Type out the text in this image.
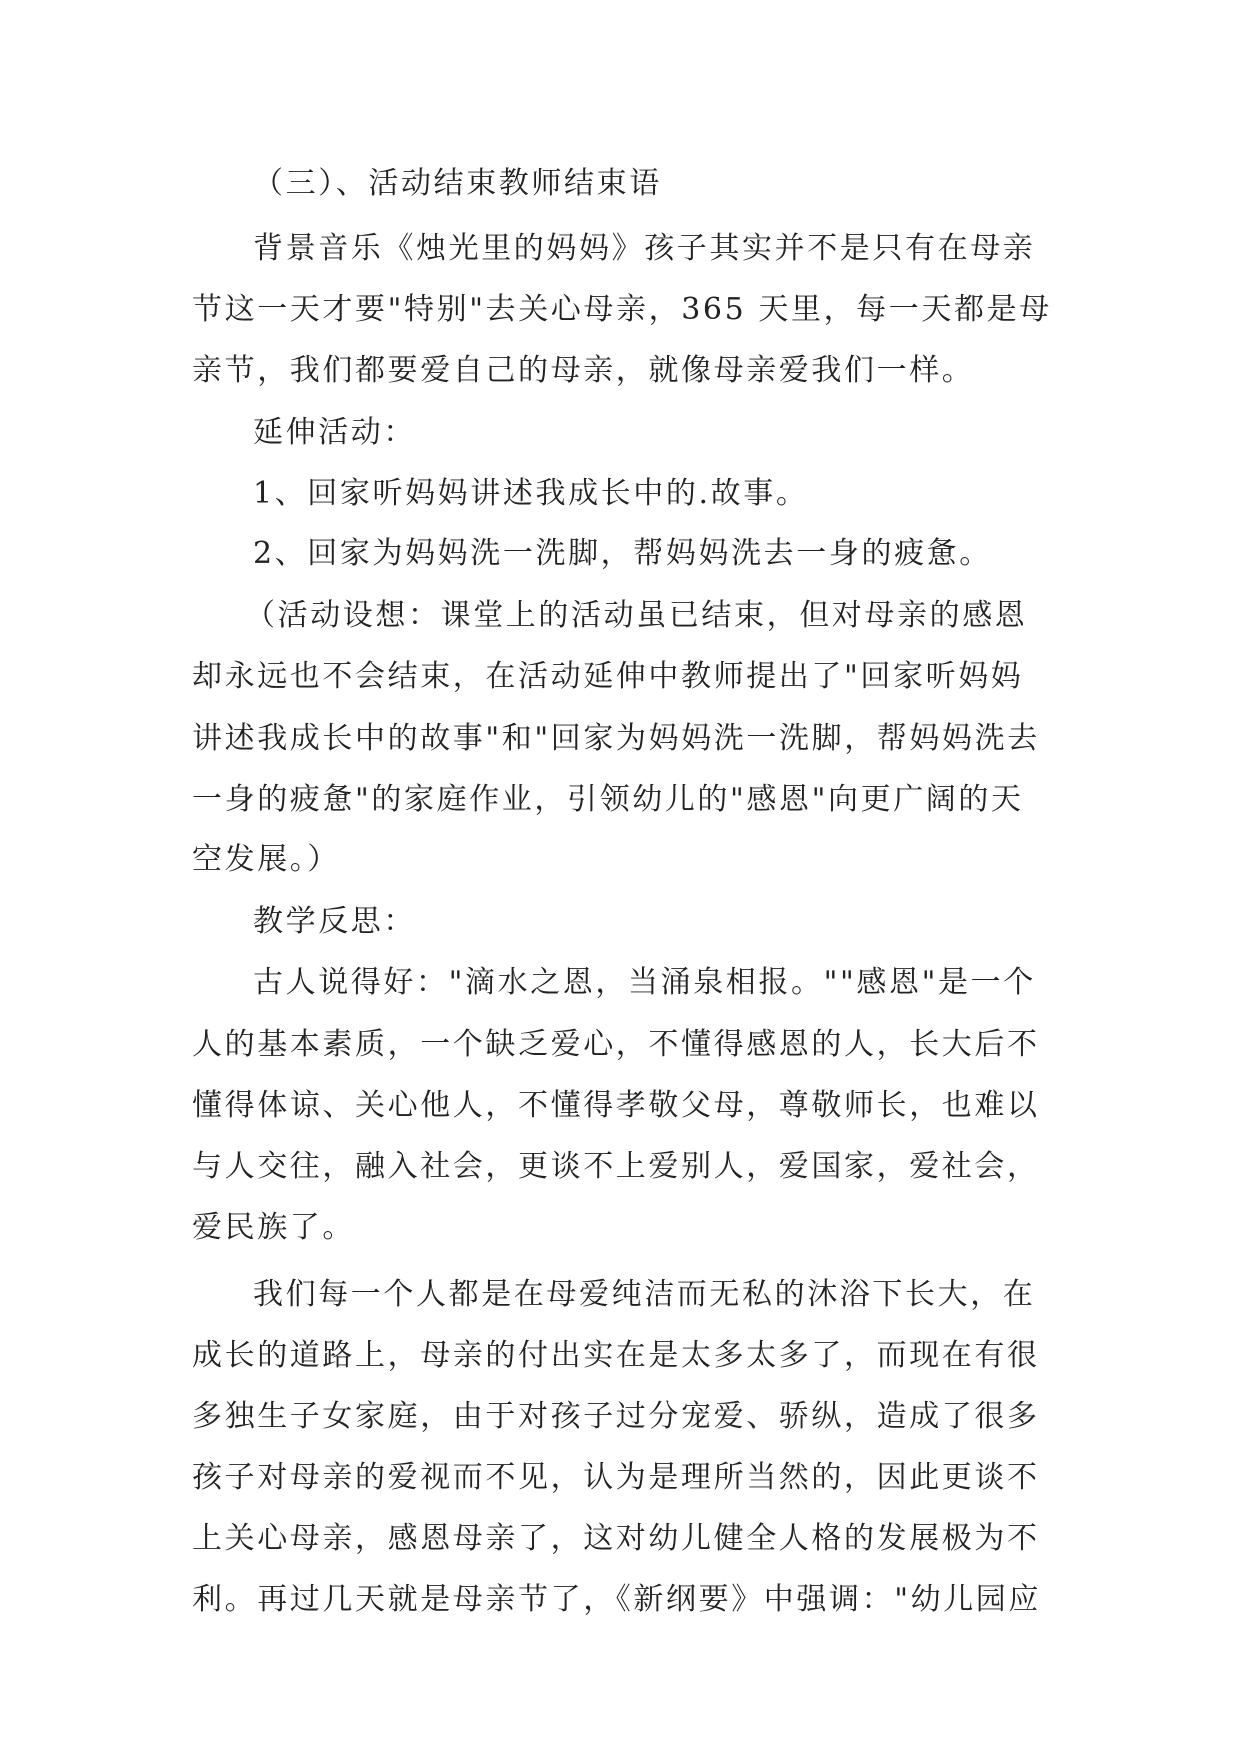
（三）、活动结束教师结束语
背景音乐《烛光里的妈妈》孩子其实并不是只有在母亲
节这一天才要"特别"去关心母亲，365 天里，每一天都是母
亲节，我们都要爱自己的母亲，就像母亲爱我们一样。
延伸活动：
1、回家听妈妈讲述我成长中的.故事。
2、回家为妈妈洗一洗脚，帮妈妈洗去一身的疲惫。
（活动设想：课堂上的活动虽已结束，但对母亲的感恩
却永远也不会结束，在活动延伸中教师提出了"回家听妈妈
讲述我成长中的故事"和"回家为妈妈洗一洗脚，帮妈妈洗去
一身的疲惫"的家庭作业，引领幼儿的"感恩"向更广阔的天
空发展。）
教学反思：
古人说得好："滴水之恩，当涌泉相报。""感恩"是一个
人的基本素质，一个缺乏爱心，不懂得感恩的人，长大后不
懂得体谅、关心他人，不懂得孝敬父母，尊敬师长，也难以
与人交往，融入社会，更谈不上爱别人，爱国家，爱社会，
爱民族了。
我们每一个人都是在母爱纯洁而无私的沐浴下长大，在
成长的道路上，母亲的付出实在是太多太多了，而现在有很
多独生子女家庭，由于对孩子过分宠爱、骄纵，造成了很多
孩子对母亲的爱视而不见，认为是理所当然的，因此更谈不
上关心母亲，感恩母亲了，这对幼儿健全人格的发展极为不
利。再过几天就是母亲节了，《新纲要》中强调："幼儿园应
